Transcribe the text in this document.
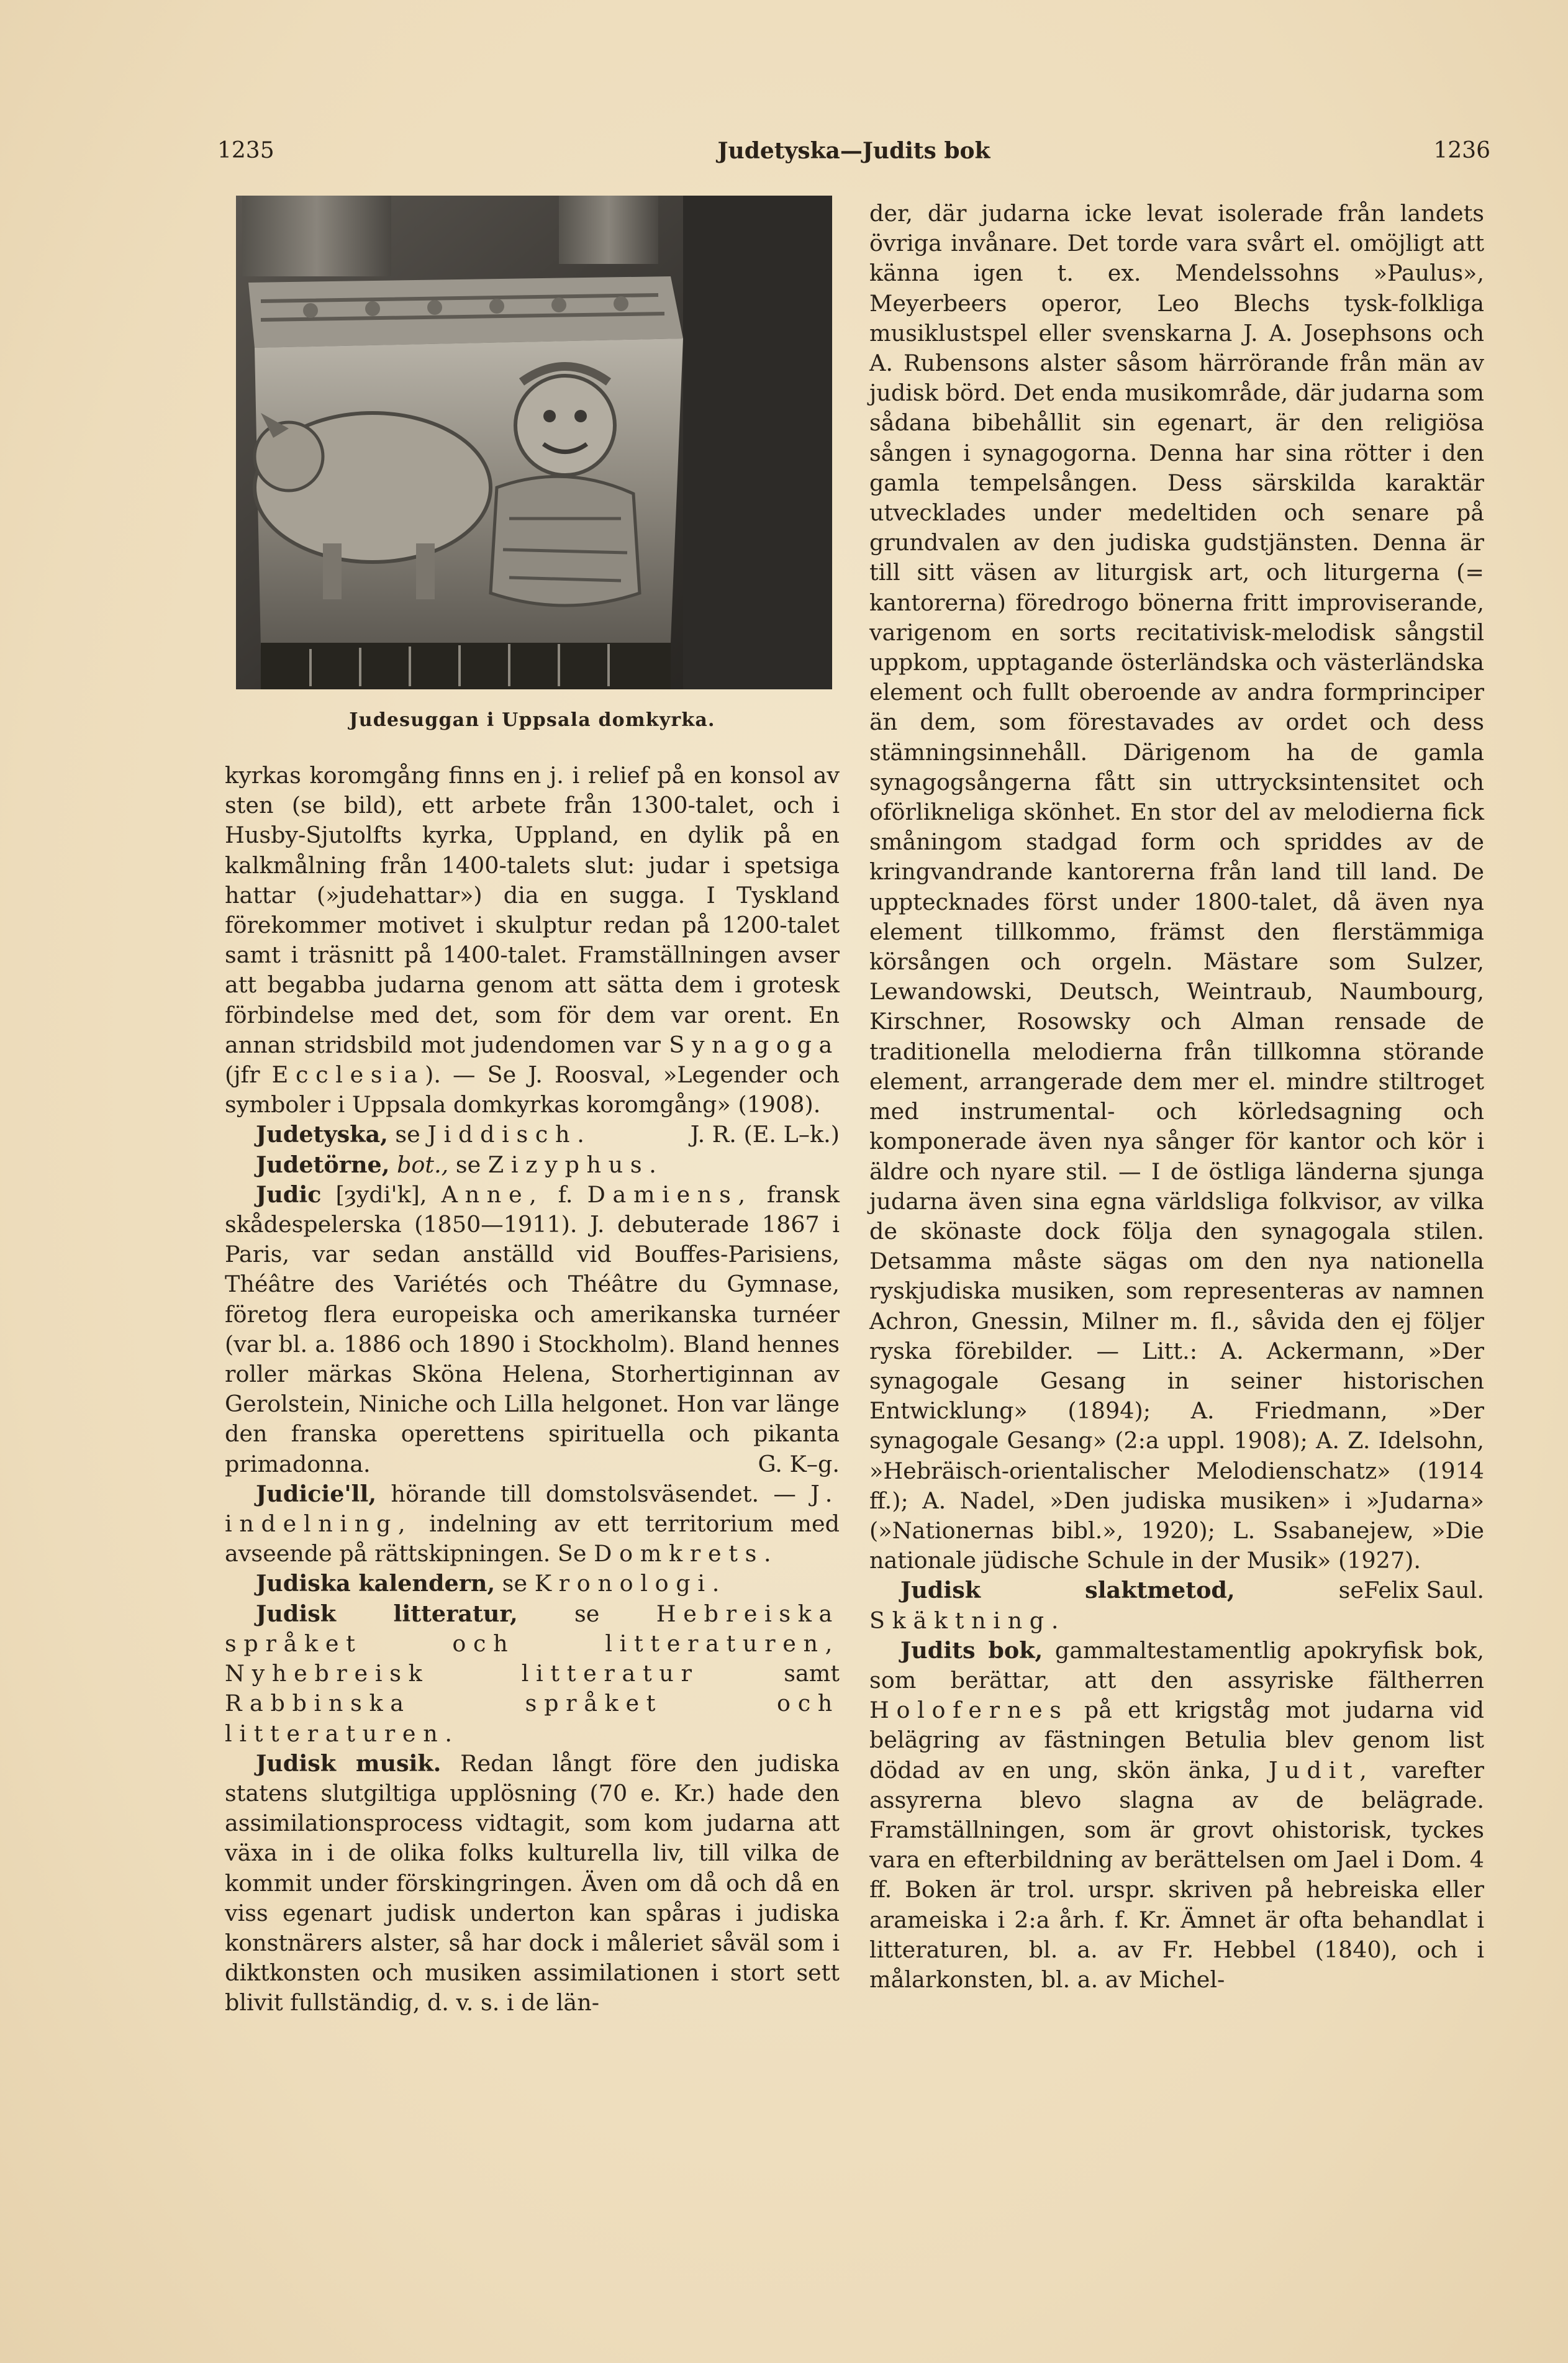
1235	Judetyska—Judits bok	1236
Judesuggan i Uppsala domkyrka.

kyrkas koromgång finns en j. i relief på en konsol av sten (se bild), ett arbete från 1300-talet, och i Husby-Sjutolfts kyrka, Uppland, en dylik på en kalkmålning från 1400-talets slut: judar i spetsiga hattar (»judehattar») dia en sugga. I Tyskland förekommer motivet i skulptur redan på 1200-talet samt i träsnitt på 1400-talet. Framställningen avser att begabba judarna genom att sätta dem i grotesk förbindelse med det, som för dem var orent. En annan stridsbild mot judendomen var Synagoga (jfr Ecclesia). — Se J. Roosval, »Legender och symboler i Uppsala domkyrkas koromgång» (1908).
J. R. (E. L–k.)

Judetyska, se Jiddisch.

Judetörne, bot., se Zizyphus.

Judic [ȝydi'k], Anne, f. Damiens, fransk skådespelerska (1850—1911). J. debuterade 1867 i Paris, var sedan anställd vid Bouffes-Parisiens, Théâtre des Variétés och Théâtre du Gymnase, företog flera europeiska och amerikanska turnéer (var bl. a. 1886 och 1890 i Stockholm). Bland hennes roller märkas Sköna Helena, Storhertiginnan av Gerolstein, Niniche och Lilla helgonet. Hon var länge den franska operettens spirituella och pikanta primadonna.	G. K–g.

Judicie'll, hörande till domstolsväsendet. — J. indelning, indelning av ett territorium med avseende på rättskipningen. Se Domkrets.

Judiska kalendern, se Kronologi.

Judisk litteratur, se Hebreiska språket och litteraturen, Nyhebreisk litteratur samt Rabbinska språket och litteraturen.

Judisk musik. Redan långt före den judiska statens slutgiltiga upplösning (70 e. Kr.) hade den assimilationsprocess vidtagit, som kom judarna att växa in i de olika folks kulturella liv, till vilka de kommit under förskingringen. Även om då och då en viss egenart judisk underton kan spåras i judiska konstnärers alster, så har dock i måleriet såväl som i diktkonsten och musiken assimilationen i stort sett blivit fullständig, d. v. s. i de län-

der, där judarna icke levat isolerade från landets övriga invånare. Det torde vara svårt el. omöjligt att känna igen t. ex. Mendelssohns »Paulus», Meyerbeers operor, Leo Blechs tysk-folkliga musiklustspel eller svenskarna J. A. Josephsons och A. Rubensons alster såsom härrörande från män av judisk börd. Det enda musikområde, där judarna som sådana bibehållit sin egenart, är den religiösa sången i synagogorna. Denna har sina rötter i den gamla tempelsången. Dess särskilda karaktär utvecklades under medeltiden och senare på grundvalen av den judiska gudstjänsten. Denna är till sitt väsen av liturgisk art, och liturgerna (= kantorerna) föredrogo bönerna fritt improviserande, varigenom en sorts recitativisk-melodisk sångstil uppkom, upptagande österländska och västerländska element och fullt oberoende av andra formprinciper än dem, som förestavades av ordet och dess stämningsinnehåll. Därigenom ha de gamla synagogsångerna fått sin uttrycksintensitet och oförlikneliga skönhet. En stor del av melodierna fick småningom stadgad form och spriddes av de kringvandrande kantorerna från land till land. De upptecknades först under 1800-talet, då även nya element tillkommo, främst den flerstämmiga körsången och orgeln. Mästare som Sulzer, Lewandowski, Deutsch, Weintraub, Naumbourg, Kirschner, Rosowsky och Alman rensade de traditionella melodierna från tillkomna störande element, arrangerade dem mer el. mindre stiltroget med instrumental- och körledsagning och komponerade även nya sånger för kantor och kör i äldre och nyare stil. — I de östliga länderna sjunga judarna även sina egna världsliga folkvisor, av vilka de skönaste dock följa den synagogala stilen. Detsamma måste sägas om den nya nationella ryskjudiska musiken, som representeras av namnen Achron, Gnessin, Milner m. fl., såvida den ej följer ryska förebilder. — Litt.: A. Ackermann, »Der synagogale Gesang in seiner historischen Entwicklung» (1894); A. Friedmann, »Der synagogale Gesang» (2:a uppl. 1908); A. Z. Idelsohn, »Hebräisch-orientalischer Melodienschatz» (1914 ff.); A. Nadel, »Den judiska musiken» i »Judarna» (»Nationernas bibl.», 1920); L. Ssabanejew, »Die nationale jüdische Schule in der Musik» (1927).
Felix Saul.

Judisk slaktmetod, se Skäktning.

Judits bok, gammaltestamentlig apokryfisk bok, som berättar, att den assyriske fältherren Holofernes på ett krigståg mot judarna vid belägring av fästningen Betulia blev genom list dödad av en ung, skön änka, Judit, varefter assyrerna blevo slagna av de belägrade. Framställningen, som är grovt ohistorisk, tyckes vara en efterbildning av berättelsen om Jael i Dom. 4 ff. Boken är trol. urspr. skriven på hebreiska eller arameiska i 2:a årh. f. Kr. Ämnet är ofta behandlat i litteraturen, bl. a. av Fr. Hebbel (1840), och i målarkonsten, bl. a. av Michel-
